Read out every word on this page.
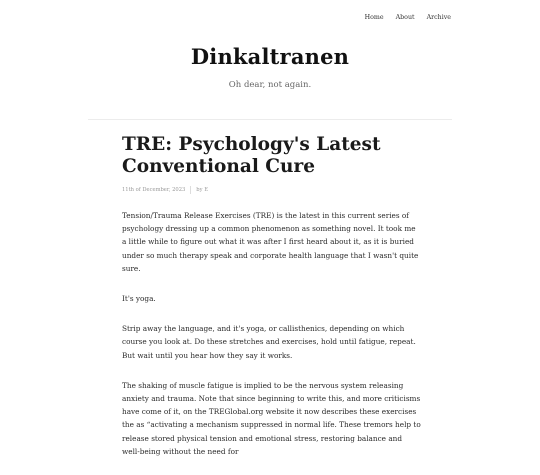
Home About Archive
Dinkaltranen
Oh dear, not again.
TRE: Psychology's Latest Conventional Cure
11th of December, 2023 by E

Tension/Trauma Release Exercises (TRE) is the latest in this current series of psychology dressing up a common phenomenon as something novel. It took me a little while to figure out what it was after I first heard about it, as it is buried under so much therapy speak and corporate health language that I wasn't quite sure.

It's yoga.

Strip away the language, and it's yoga, or callisthenics, depending on which course you look at. Do these stretches and exercises, hold until fatigue, repeat. But wait until you hear how they say it works.

The shaking of muscle fatigue is implied to be the nervous system releasing anxiety and trauma. Note that since beginning to write this, and more criticisms have come of it, on the TREGlobal.org website it now describes these exercises the as “activating a mechanism suppressed in normal life. These tremors help to release stored physical tension and emotional stress, restoring balance and well-being without the need for
